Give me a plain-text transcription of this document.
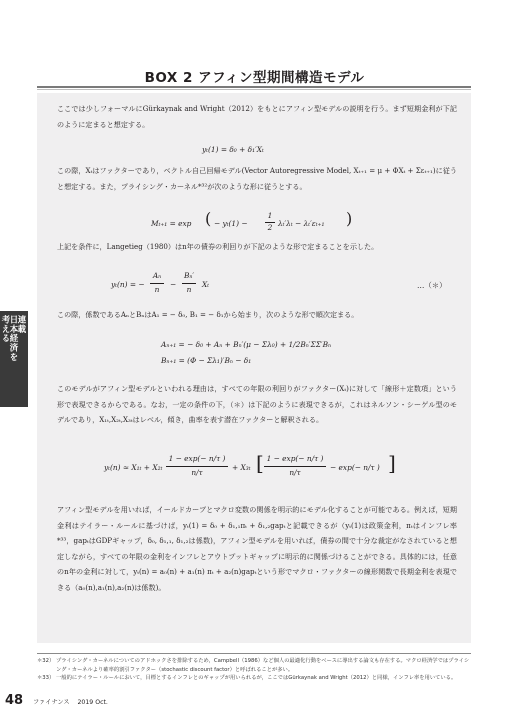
BOX 2 アフィン型期間構造モデル
ここでは少しフォーマルにGürkaynak and Wright（2012）をもとにアフィン型モデルの説明を行う。まず短期金利が下記のように定まると想定する。
yₜ(1) = δ₀ + δ₁′Xₜ
この際，Xₜはファクターであり，ベクトル自己回帰モデル(Vector Autoregressive Model, Xₜ₊₁ = μ + ΦXₜ + Σεₜ₊₁)に従うと想定する。また，プライシング・カーネル*³²が次のような形に従うとする。
Mₜ₊₁ = exp ( − yₜ(1) −
1
2 λₜ′λₜ − λₜ′εₜ₊₁ )
上記を条件に，Langetieg（1980）はn年の債券の利回りが下記のような形で定まることを示した。
yₜ(n) = −
Aₙ
n
−
Bₙ′
n
Xₜ	…（＊）
この際，係数であるAₙとBₙはA₁ = − δ₀, B₁ = − δ₁から始まり，次のような形で順次定まる。
Aₙ₊₁ = − δ₀ + Aₙ + Bₙ′(μ − Σλ₀) + 1/2Bₙ′ΣΣ′Bₙ
Bₙ₊₁ = (Φ − Σλ₁)′Bₙ − δ₁
このモデルがアフィン型モデルといわれる理由は，すべての年限の利回りがファクター(Xₜ)に対して「線形＋定数項」という形で表現できるからである。なお，一定の条件の下，（＊）は下記のように表現できるが，これはネルソン・シーゲル型のモデルであり，X₁ₜ,X₂ₜ,X₃ₜはレベル，傾き，曲率を表す潜在ファクターと解釈される。
yₜ(n) ≈ X₁ₜ + X₂ₜ
1 − exp(− n/τ )
n/τ
+ X₃ₜ [ 1 − exp(− n/τ )
n/τ
− exp(− n/τ ) ]
アフィン型モデルを用いれば，イールドカーブとマクロ変数の関係を明示的にモデル化することが可能である。例えば，短期金利はテイラー・ルールに基づけば，yₜ(1) = δ₀ + δ₁,₁πₜ + δ₁,₂gapₜと記載できるが（yₜ(1)は政策金利，πₜはインフレ率*³³，gapₜはGDPギャップ，δ₀, δ₁,₁, δ₁,₂は係数)，アフィン型モデルを用いれば，債券の間で十分な裁定がなされていると想定しながら，すべての年限の金利をインフレとアウトプットギャップに明示的に関係づけることができる。具体的には，任意のn年の金利に対して，yₜ(n) = a₀(n) + a₁(n) πₜ + a₂(n)gapₜという形でマクロ・ファクターの線形関数で長期金利を表現できる（a₀(n),a₁(n),a₂(n)は係数)。
連載
日本経済を
考える
＊32） プライシング・カーネルについてのアドホックさを排除するため，Campbell（1986）など個人の最適化行動をベースに導出する論文も存在する。マクロ経済学ではプライシング・カーネルより確率的割引ファクター（stochastic discount factor）と呼ばれることが多い。
＊33） 一般的にテイラー・ルールにおいて，目標とするインフレとのギャップが用いられるが，ここではGürkaynak and Wright（2012）と同様，インフレ率を用いている。
48 ファイナンス 2019 Oct.
